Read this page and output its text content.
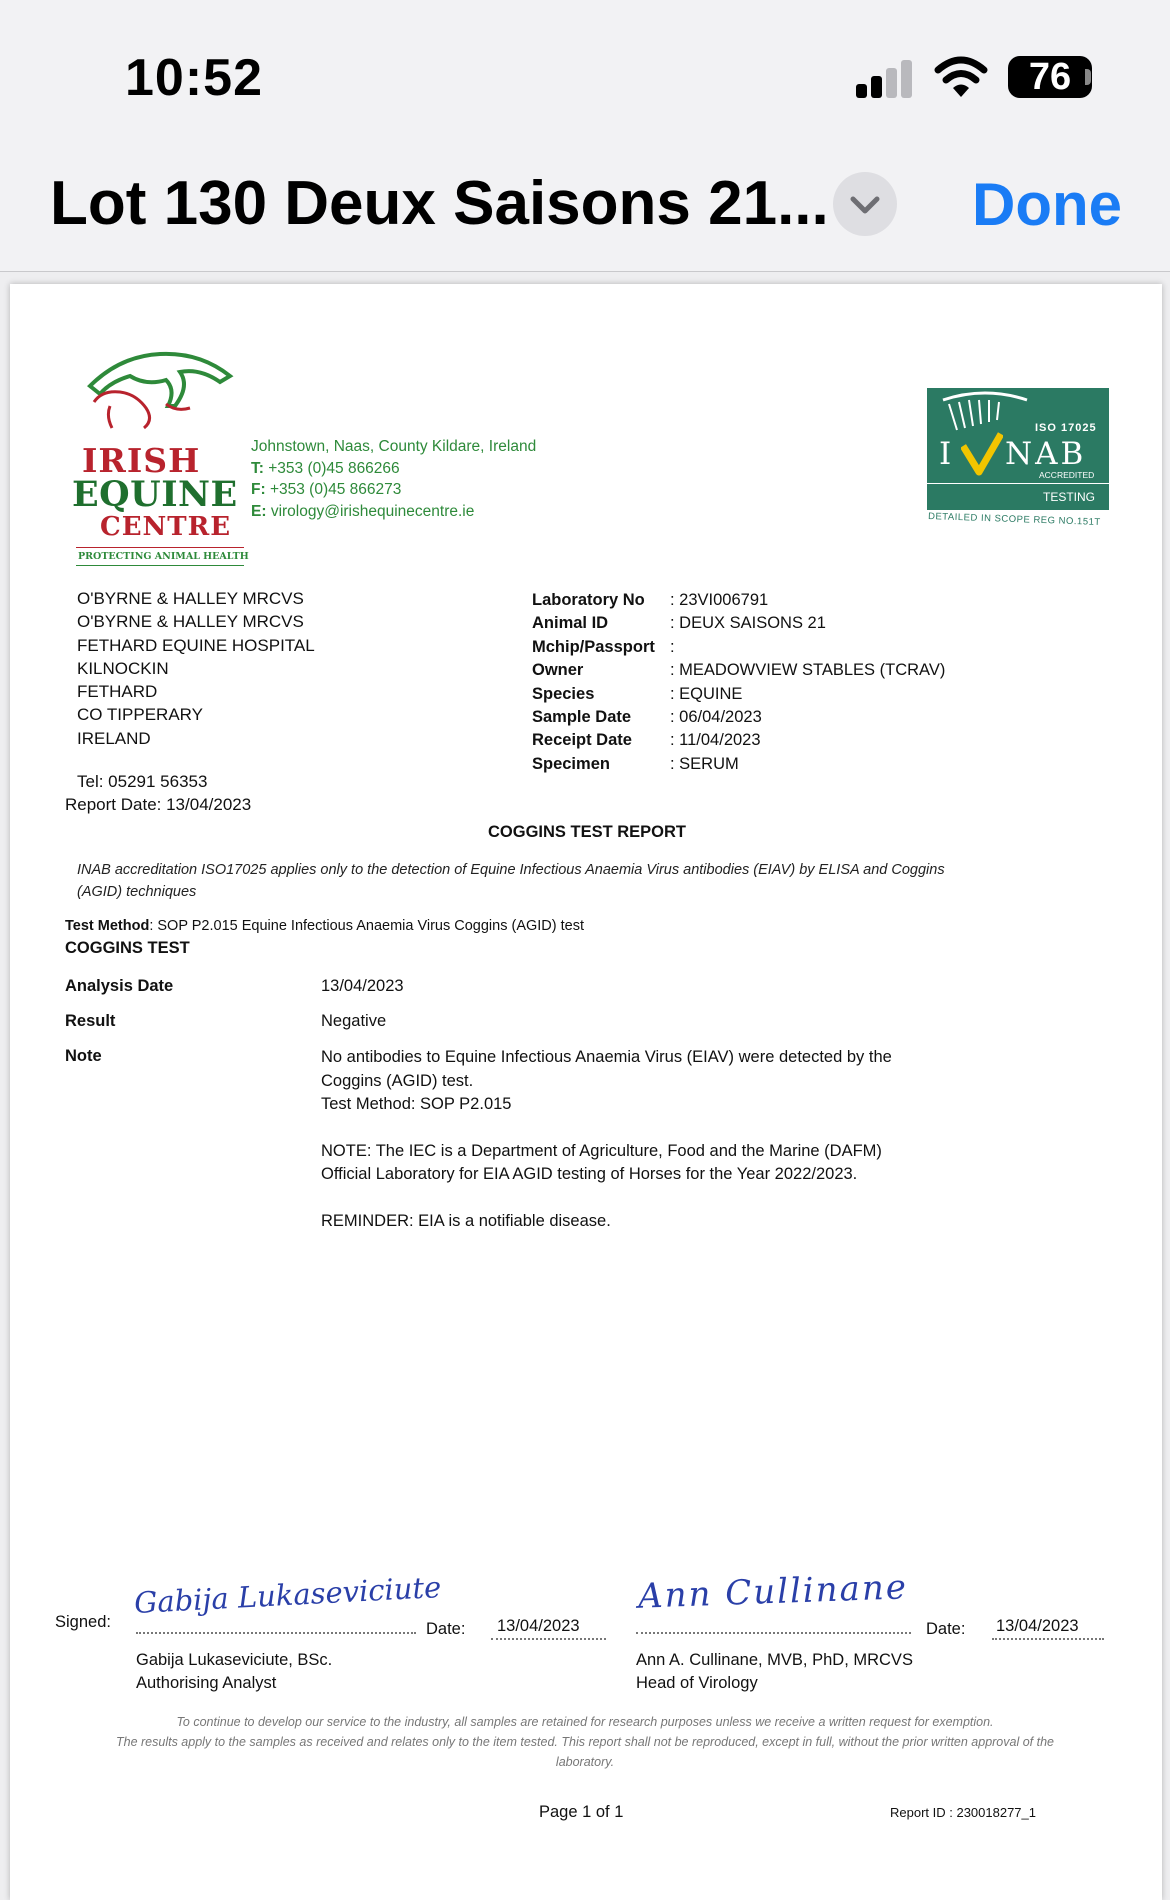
10:52	76
Lot 130 Deux Saisons 21... Done
IRISH
EQUINE
CENTRE
PROTECTING ANIMAL HEALTH
Johnstown, Naas, County Kildare, Ireland
T: +353 (0)45 866266
F: +353 (0)45 866273
E: virology@irishequinecentre.ie
ISO 17025
I NAB
ACCREDITED
TESTING
DETAILED IN SCOPE REG NO.151T
O'BYRNE & HALLEY MRCVS
O'BYRNE & HALLEY MRCVS
FETHARD EQUINE HOSPITAL
KILNOCKIN
FETHARD
CO TIPPERARY
IRELAND
Tel: 05291 56353
Report Date: 13/04/2023
Laboratory No	: 23VI006791
Animal ID	: DEUX SAISONS 21
Mchip/Passport :
Owner	: MEADOWVIEW STABLES (TCRAV)
Species	: EQUINE
Sample Date	: 06/04/2023
Receipt Date	: 11/04/2023
Specimen	: SERUM
COGGINS TEST REPORT
INAB accreditation ISO17025 applies only to the detection of Equine Infectious Anaemia Virus antibodies (EIAV) by ELISA and Coggins (AGID) techniques
Test Method: SOP P2.015 Equine Infectious Anaemia Virus Coggins (AGID) test
COGGINS TEST
Analysis Date	13/04/2023
Result	Negative
Note	No antibodies to Equine Infectious Anaemia Virus (EIAV) were detected by the Coggins (AGID) test.

Test Method: SOP P2.015

NOTE: The IEC is a Department of Agriculture, Food and the Marine (DAFM) Official Laboratory for EIA AGID testing of Horses for the Year 2022/2023.

REMINDER: EIA is a notifiable disease.

Signed:
Gabija Lukaseviciute
Date: 13/04/2023
Gabija Lukaseviciute, BSc.
Authorising Analyst
Ann Cullinane
Date: 13/04/2023
Ann A. Cullinane, MVB, PhD, MRCVS
Head of Virology
To continue to develop our service to the industry, all samples are retained for research purposes unless we receive a written request for exemption.
The results apply to the samples as received and relates only to the item tested. This report shall not be reproduced, except in full, without the prior written approval of the laboratory.
Page 1 of 1	Report ID : 230018277_1
